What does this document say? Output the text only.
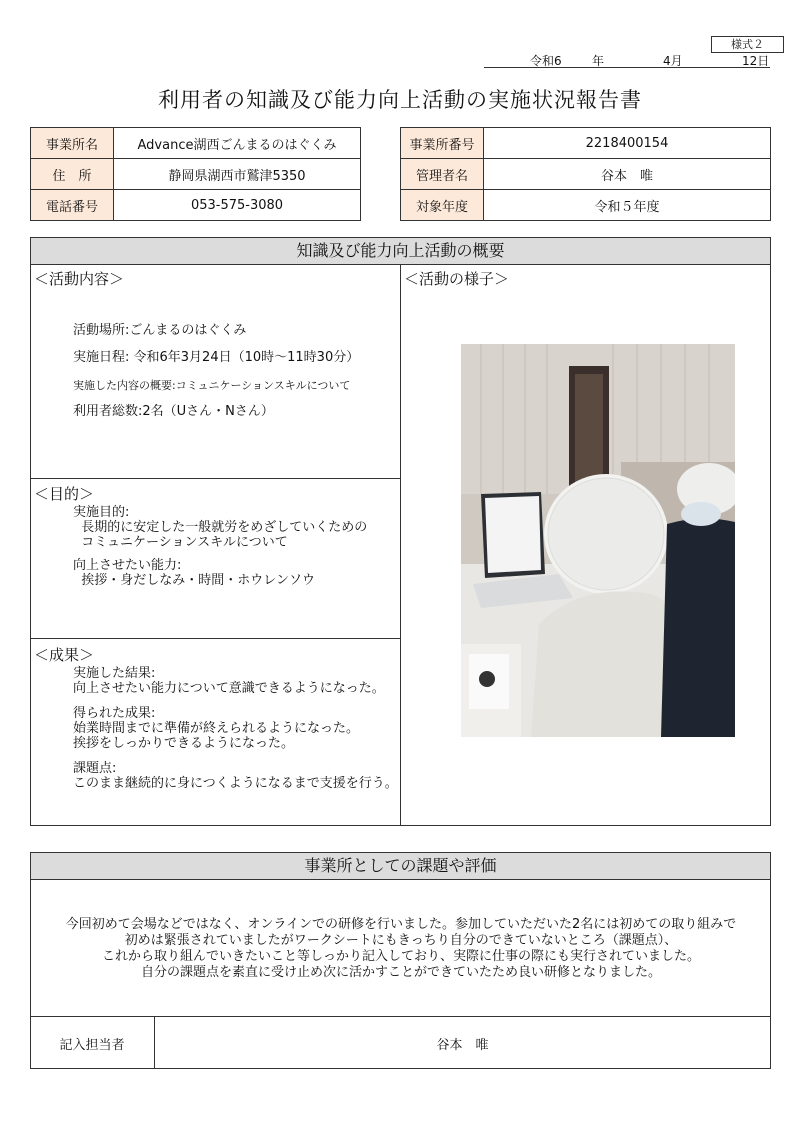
様式２
令和6	年	4月	12日
利用者の知識及び能力向上活動の実施状況報告書
事業所名	Advance湖西ごんまるのはぐくみ
住　所	静岡県湖西市鷲津5350
電話番号	053-575-3080
事業所番号	2218400154
管理者名	谷本　唯
対象年度	令和５年度
知識及び能力向上活動の概要
＜活動内容＞
活動場所:ごんまるのはぐくみ
実施日程: 令和6年3月24日（10時～11時30分）
実施した内容の概要:コミュニケーションスキルについて
利用者総数:2名（Uさん・Nさん）
＜目的＞
実施目的:
長期的に安定した一般就労をめざしていくための
コミュニケーションスキルについて
向上させたい能力:
挨拶・身だしなみ・時間・ホウレンソウ
＜成果＞
実施した結果:
向上させたい能力について意識できるようになった。
得られた成果:
始業時間までに準備が終えられるようになった。
挨拶をしっかりできるようになった。
課題点:
このまま継続的に身につくようになるまで支援を行う。
＜活動の様子＞
事業所としての課題や評価
今回初めて会場などではなく、オンラインでの研修を行いました。参加していただいた2名には初めての取り組みで
初めは緊張されていましたがワークシートにもきっちり自分のできていないところ（課題点）、
これから取り組んでいきたいこと等しっかり記入しており、実際に仕事の際にも実行されていました。
自分の課題点を素直に受け止め次に活かすことができていたため良い研修となりました。
記入担当者	谷本　唯
